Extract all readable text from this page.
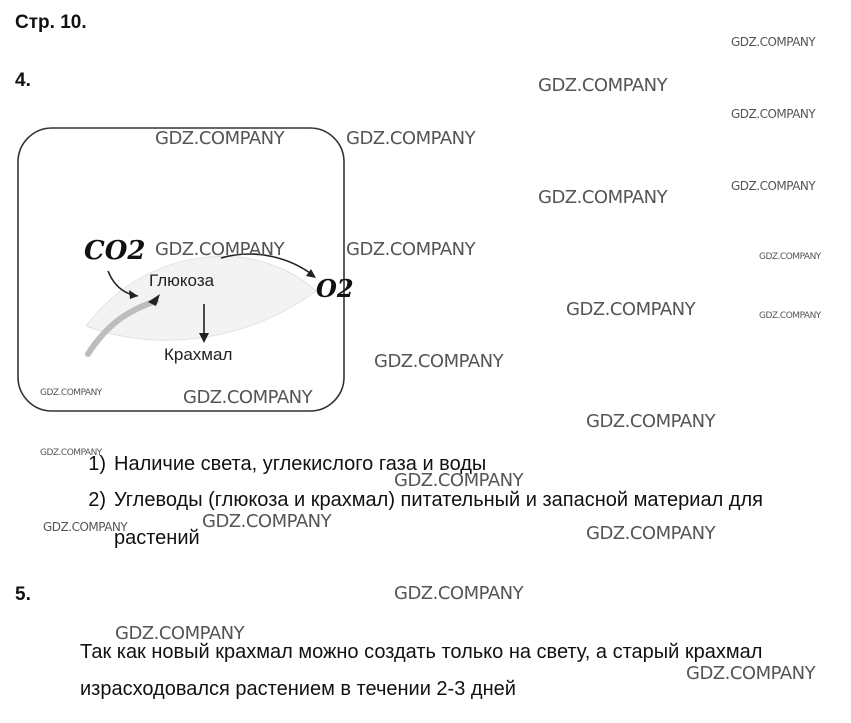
Стр. 10.
4.
CO2
Глюкоза
Крахмал
O2
1) Наличие света, углекислого газа и воды
2) Углеводы (глюкоза и крахмал) питательный и запасной материал для
растений
5.
Так как новый крахмал можно создать только на свету, а старый крахмал
израсходовался растением в течении 2-3 дней
GDZ.COMPANY
GDZ.COMPANY
GDZ.COMPANY
GDZ.COMPANY	GDZ.COMPANY
GDZ.COMPANY
GDZ.COMPANY
GDZ.COMPANY	GDZ.COMPANY	GDZ.COMPANY
GDZ.COMPANY	GDZ.COMPANY
GDZ.COMPANY
GDZ.COMPANY	GDZ.COMPANY
GDZ.COMPANY
GDZ.COMPANY
GDZ.COMPANY
GDZ.COMPANY	GDZ.COMPANY
GDZ.COMPANY
GDZ.COMPANY
GDZ.COMPANY
GDZ.COMPANY
